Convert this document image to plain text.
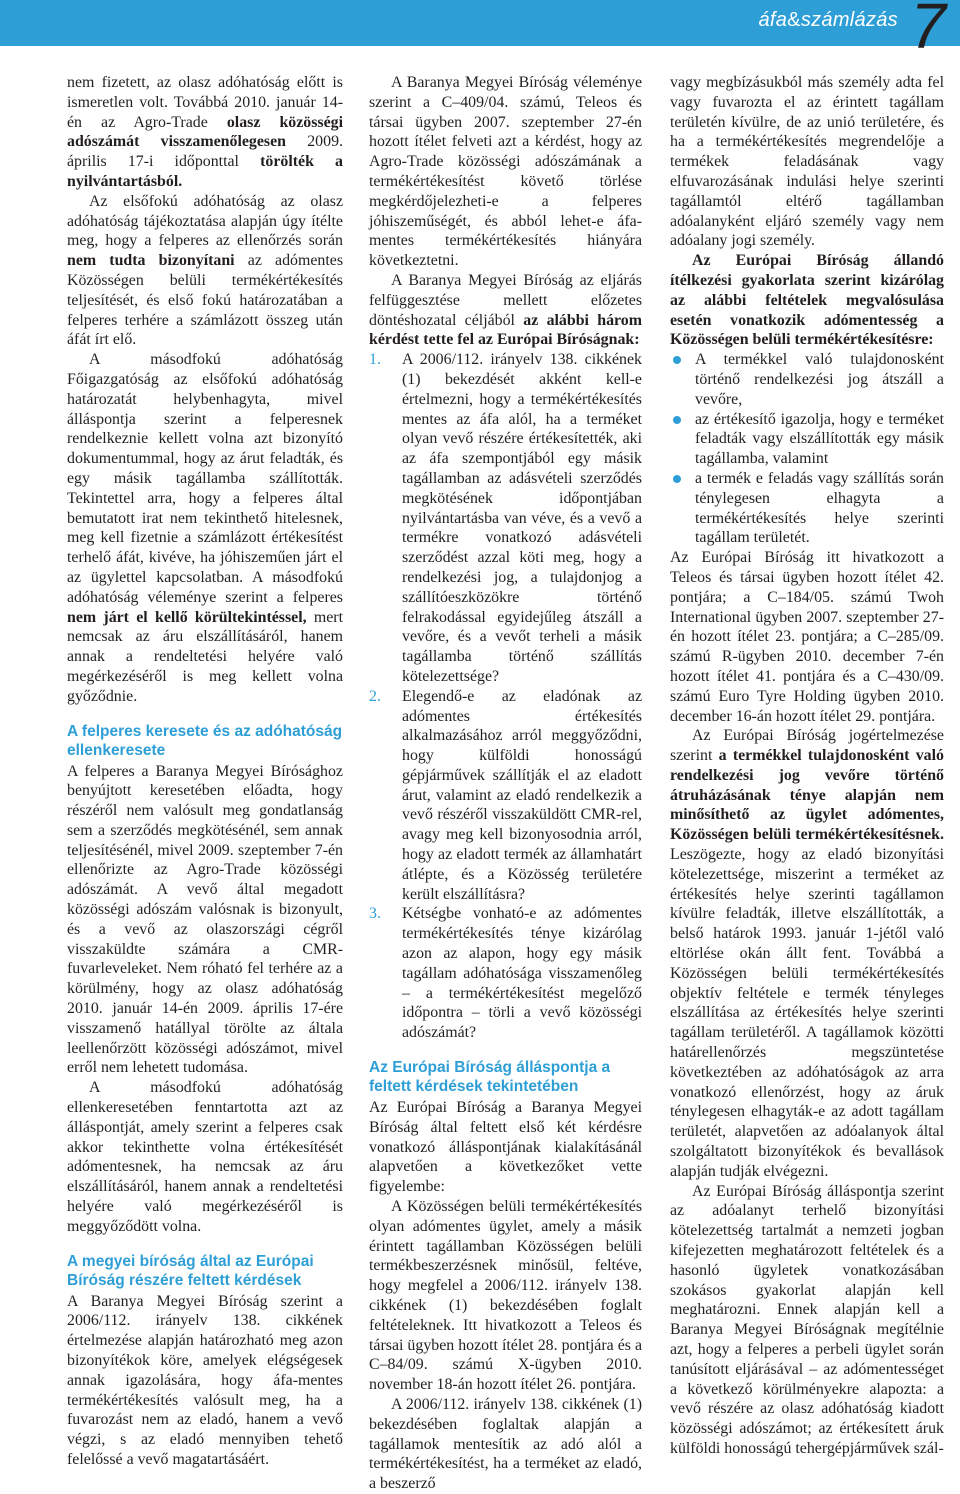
áfa&számlázás 7

nem fizetett, az olasz adóhatóság előtt is ismeretlen volt. Továbbá 2010. január 14-én az Agro-Trade olasz közösségi adószámát visszamenőlegesen 2009. április 17-i időponttal törölték a nyilvántartásból.

Az elsőfokú adóhatóság az olasz adóhatóság tájékoztatása alapján úgy ítélte meg, hogy a felperes az ellenőrzés során nem tudta bizonyítani az adómentes Közösségen belüli termékértékesítés teljesítését, és első fokú határozatában a felperes terhére a számlázott összeg után áfát írt elő.

A másodfokú adóhatóság Főigazgatóság az elsőfokú adóhatóság határozatát helybenhagyta, mivel álláspontja szerint a felperesnek rendelkeznie kellett volna azt bizonyító dokumentummal, hogy az árut feladták, és egy másik tagállamba szállították. Tekintettel arra, hogy a felperes által bemutatott irat nem tekinthető hitelesnek, meg kell fizetnie a számlázott értékesítést terhelő áfát, kivéve, ha jóhiszeműen járt el az ügylettel kapcsolatban. A másodfokú adóhatóság véleménye szerint a felperes nem járt el kellő körültekintéssel, mert nemcsak az áru elszállításáról, hanem annak a rendeltetési helyére való megérkezéséről is meg kellett volna győződnie.

A felperes keresete és az adóhatóság ellenkeresete

A felperes a Baranya Megyei Bírósághoz benyújtott keresetében előadta, hogy részéről nem valósult meg gondatlanság sem a szerződés megkötésénél, sem annak teljesítésénél, mivel 2009. szeptember 7-én ellenőrizte az Agro-Trade közösségi adószámát. A vevő által megadott közösségi adószám valósnak is bizonyult, és a vevő az olaszországi cégről visszaküldte számára a CMR-fuvarleveleket. Nem róható fel terhére az a körülmény, hogy az olasz adóhatóság 2010. január 14-én 2009. április 17-ére visszamenő hatállyal törölte az általa leellenőrzött közösségi adószámot, mivel erről nem lehetett tudomása.

A másodfokú adóhatóság ellenkeresetében fenntartotta azt az álláspontját, amely szerint a felperes csak akkor tekinthette volna értékesítését adómentesnek, ha nemcsak az áru elszállításáról, hanem annak a rendeltetési helyére való megérkezéséről is meggyőződött volna.

A megyei bíróság által az Európai Bíróság részére feltett kérdések

A Baranya Megyei Bíróság szerint a 2006/112. irányelv 138. cikkének értelmezése alapján határozható meg azon bizonyítékok köre, amelyek elégségesek annak igazolására, hogy áfa-mentes termékértékesítés valósult meg, ha a fuvarozást nem az eladó, hanem a vevő végzi, s az eladó mennyiben tehető felelőssé a vevő magatartásáért.

A Baranya Megyei Bíróság véleménye szerint a C–409/04. számú, Teleos és társai ügyben 2007. szeptember 27-én hozott ítélet felveti azt a kérdést, hogy az Agro-Trade közösségi adószámának a termékértékesítést követő törlése megkérdőjelezheti-e a felperes jóhiszeműségét, és abból lehet-e áfa-mentes termékértékesítés hiányára következtetni.

A Baranya Megyei Bíróság az eljárás felfüggesztése mellett előzetes döntéshozatal céljából az alábbi három kérdést tette fel az Európai Bíróságnak:

1. A 2006/112. irányelv 138. cikkének (1) bekezdését akként kell-e értelmezni, hogy a termékértékesítés mentes az áfa alól, ha a terméket olyan vevő részére értékesítették, aki az áfa szempontjából egy másik tagállamban az adásvételi szerződés megkötésének időpontjában nyilvántartásba van véve, és a vevő a termékre vonatkozó adásvételi szerződést azzal köti meg, hogy a rendelkezési jog, a tulajdonjog a szállítóeszközökre történő felrakodással egyidejűleg átszáll a vevőre, és a vevőt terheli a másik tagállamba történő szállítás kötelezettsége?
2. Elegendő-e az eladónak az adómentes értékesítés alkalmazásához arról meggyőződni, hogy külföldi honosságú gépjárművek szállítják el az eladott árut, valamint az eladó rendelkezik a vevő részéről visszaküldött CMR-rel, avagy meg kell bizonyosodnia arról, hogy az eladott termék az államhatárt átlépte, és a Közösség területére került elszállításra?
3. Kétségbe vonható-e az adómentes termékértékesítés ténye kizárólag azon az alapon, hogy egy másik tagállam adóhatósága visszamenőleg – a termékértékesítést megelőző időpontra – törli a vevő közösségi adószámát?
Az Európai Bíróság álláspontja a feltett kérdések tekintetében

Az Európai Bíróság a Baranya Megyei Bíróság által feltett első két kérdésre vonatkozó álláspontjának kialakításánál alapvetően a következőket vette figyelembe:

A Közösségen belüli termékértékesítés olyan adómentes ügylet, amely a másik érintett tagállamban Közösségen belüli termékbeszerzésnek minősül, feltéve, hogy megfelel a 2006/112. irányelv 138. cikkének (1) bekezdésében foglalt feltételeknek. Itt hivatkozott a Teleos és társai ügyben hozott ítélet 28. pontjára és a C–84/09. számú X-ügyben 2010. november 18-án hozott ítélet 26. pontjára.

A 2006/112. irányelv 138. cikkének (1) bekezdésében foglaltak alapján a tagállamok mentesítik az adó alól a termékértékesítést, ha a terméket az eladó, a beszerző

vagy megbízásukból más személy adta fel vagy fuvarozta el az érintett tagállam területén kívülre, de az unió területére, és ha a termékértékesítés megrendelője a termékek feladásának vagy elfuvarozásának indulási helye szerinti tagállamtól eltérő tagállamban adóalanyként eljáró személy vagy nem adóalany jogi személy.

Az Európai Bíróság állandó ítélkezési gyakorlata szerint kizárólag az alábbi feltételek megvalósulása esetén vonatkozik adómentesség a Közösségen belüli termékértékesítésre:

A termékkel való tulajdonosként történő rendelkezési jog átszáll a vevőre,
az értékesítő igazolja, hogy e terméket feladták vagy elszállították egy másik tagállamba, valamint
a termék e feladás vagy szállítás során ténylegesen elhagyta a termékértékesítés helye szerinti tagállam területét.

Az Európai Bíróság itt hivatkozott a Teleos és társai ügyben hozott ítélet 42. pontjára; a C–184/05. számú Twoh International ügyben 2007. szeptember 27-én hozott ítélet 23. pontjára; a C–285/09. számú R-ügyben 2010. december 7-én hozott ítélet 41. pontjára és a C–430/09. számú Euro Tyre Holding ügyben 2010. december 16-án hozott ítélet 29. pontjára.

Az Európai Bíróság jogértelmezése szerint a termékkel tulajdonosként való rendelkezési jog vevőre történő átruházásának ténye alapján nem minősíthető az ügylet adómentes, Közösségen belüli termékértékesítésnek. Leszögezte, hogy az eladó bizonyítási kötelezettsége, miszerint a terméket az értékesítés helye szerinti tagállamon kívülre feladták, illetve elszállították, a belső határok 1993. január 1-jétől való eltörlése okán állt fent. Továbbá a Közösségen belüli termékértékesítés objektív feltétele e termék tényleges elszállítása az értékesítés helye szerinti tagállam területéről. A tagállamok közötti határellenőrzés megszüntetése következtében az adóhatóságok az arra vonatkozó ellenőrzést, hogy az áruk ténylegesen elhagyták-e az adott tagállam területét, alapvetően az adóalanyok által szolgáltatott bizonyítékok és bevallások alapján tudják elvégezni.

Az Európai Bíróság álláspontja szerint az adóalanyt terhelő bizonyítási kötelezettség tartalmát a nemzeti jogban kifejezetten meghatározott feltételek és a hasonló ügyletek vonatkozásában szokásos gyakorlat alapján kell meghatározni. Ennek alapján kell a Baranya Megyei Bíróságnak megítélnie azt, hogy a felperes a perbeli ügylet során tanúsított eljárásával – az adómentességet a következő körülményekre alapozta: a vevő részére az olasz adóhatóság kiadott közösségi adószámot; az értékesített áruk külföldi honosságú tehergépjárművek szál-
